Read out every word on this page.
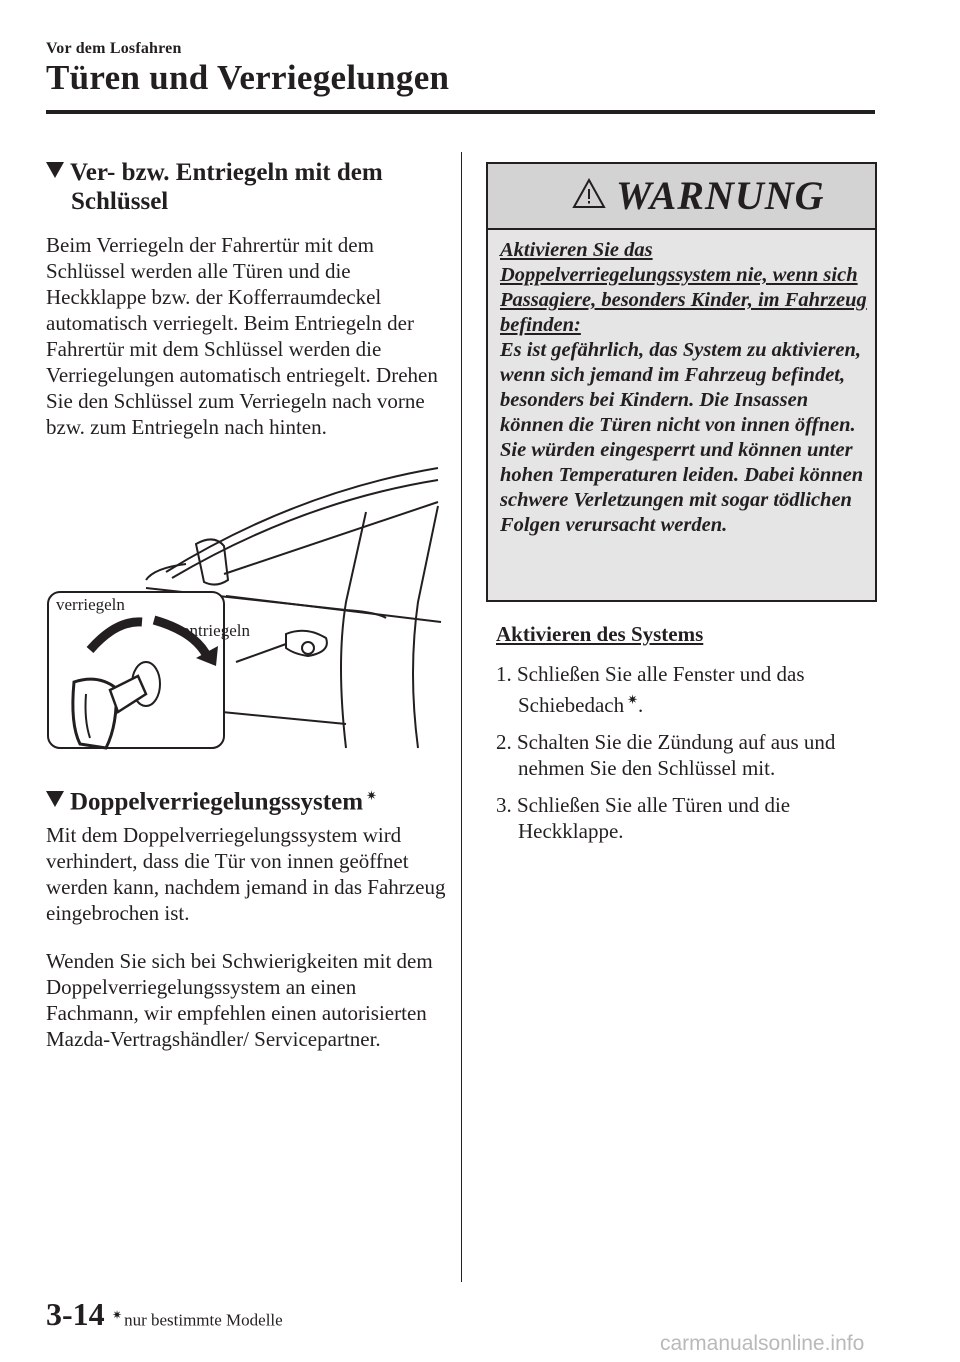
Vor dem Losfahren
Türen und Verriegelungen
Ver- bzw. Entriegeln mit dem
Schlüssel
Beim Verriegeln der Fahrertür mit dem Schlüssel werden alle Türen und die Heckklappe bzw. der Kofferraumdeckel automatisch verriegelt. Beim Entriegeln der Fahrertür mit dem Schlüssel werden die Verriegelungen automatisch entriegelt. Drehen Sie den Schlüssel zum Verriegeln nach vorne bzw. zum Entriegeln nach hinten.
verriegeln
entriegeln
Doppelverriegelungssystem ✷
Mit dem Doppelverriegelungssystem wird verhindert, dass die Tür von innen geöffnet werden kann, nachdem jemand in das Fahrzeug eingebrochen ist.
Wenden Sie sich bei Schwierigkeiten mit dem Doppelverriegelungssystem an einen Fachmann, wir empfehlen einen autorisierten Mazda-Vertragshändler/ Servicepartner.
WARNUNG
Aktivieren Sie das Doppelverriegelungssystem nie, wenn sich Passagiere, besonders Kinder, im Fahrzeug befinden:
Es ist gefährlich, das System zu aktivieren, wenn sich jemand im Fahrzeug befindet, besonders bei Kindern. Die Insassen können die Türen nicht von innen öffnen. Sie würden eingesperrt und können unter hohen Temperaturen leiden. Dabei können schwere Verletzungen mit sogar tödlichen Folgen verursacht werden.
Aktivieren des Systems
1. Schließen Sie alle Fenster und das Schiebedach ✷.
2. Schalten Sie die Zündung auf aus und nehmen Sie den Schlüssel mit.
3. Schließen Sie alle Türen und die Heckklappe.
3-14 ✷ nur bestimmte Modelle
carmanualsonline.info
